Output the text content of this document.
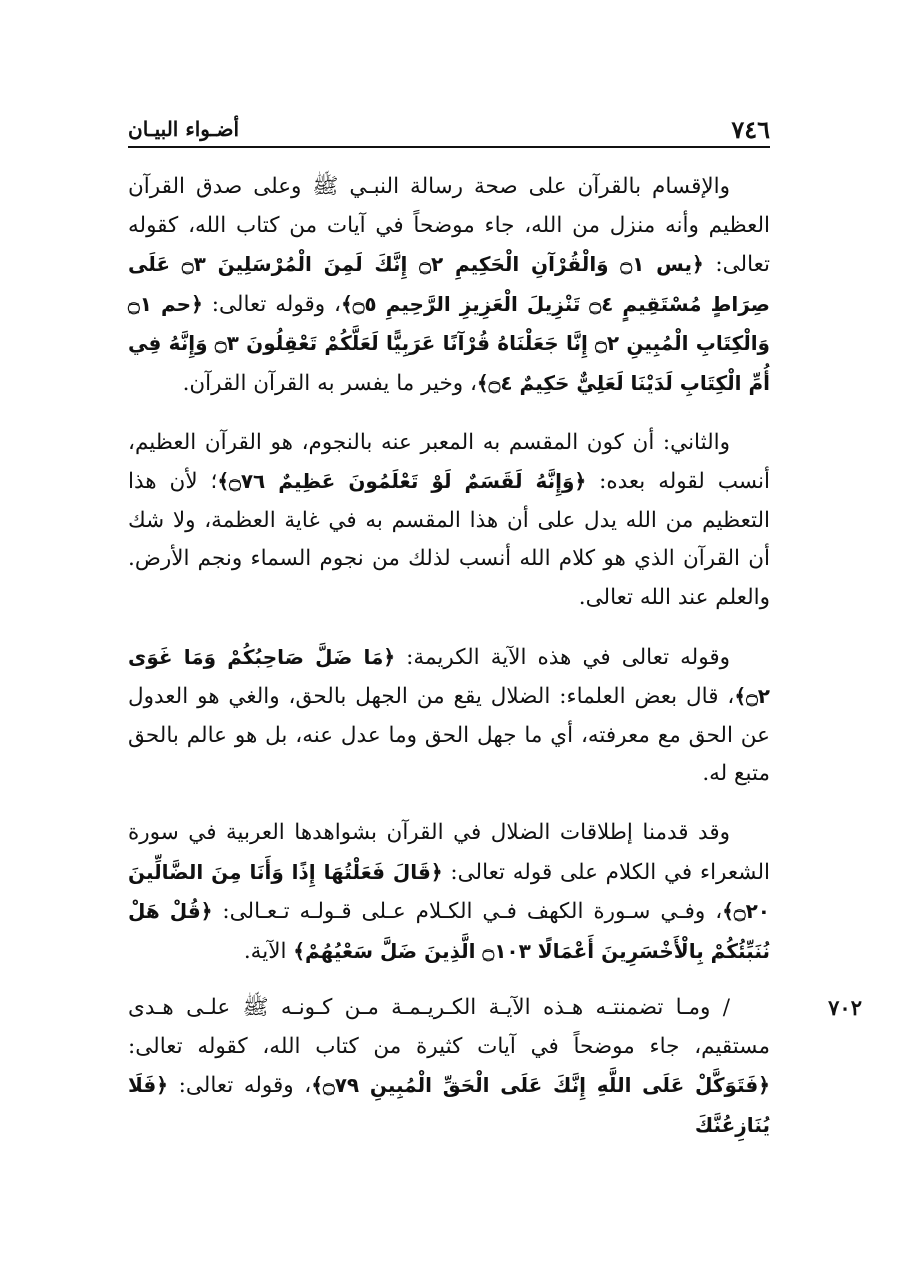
٧٤٦
أضـواء البيـان

والإقسام بالقرآن على صحة رسالة النبـي ﷺ وعلى صدق القرآن العظيم وأنه منزل من الله، جاء موضحاً في آيات من كتاب الله، كقوله تعالى: ﴿يس ۝١ وَالْقُرْآنِ الْحَكِيمِ ۝٢ إِنَّكَ لَمِنَ الْمُرْسَلِينَ ۝٣ عَلَى صِرَاطٍ مُسْتَقِيمٍ ۝٤ تَنْزِيلَ الْعَزِيزِ الرَّحِيمِ ۝٥﴾، وقوله تعالى: ﴿حم ۝١ وَالْكِتَابِ الْمُبِينِ ۝٢ إِنَّا جَعَلْنَاهُ قُرْآنًا عَرَبِيًّا لَعَلَّكُمْ تَعْقِلُونَ ۝٣ وَإِنَّهُ فِي أُمِّ الْكِتَابِ لَدَيْنَا لَعَلِيٌّ حَكِيمٌ ۝٤﴾، وخير ما يفسر به القرآن القرآن.

والثاني: أن كون المقسم به المعبر عنه بالنجوم، هو القرآن العظيم، أنسب لقوله بعده: ﴿وَإِنَّهُ لَقَسَمٌ لَوْ تَعْلَمُونَ عَظِيمٌ ۝٧٦﴾؛ لأن هذا التعظيم من الله يدل على أن هذا المقسم به في غاية العظمة، ولا شك أن القرآن الذي هو كلام الله أنسب لذلك من نجوم السماء ونجم الأرض. والعلم عند الله تعالى.

وقوله تعالى في هذه الآية الكريمة: ﴿مَا ضَلَّ صَاحِبُكُمْ وَمَا غَوَى ۝٢﴾، قال بعض العلماء: الضلال يقع من الجهل بالحق، والغي هو العدول عن الحق مع معرفته، أي ما جهل الحق وما عدل عنه، بل هو عالم بالحق متبع له.

وقد قدمنا إطلاقات الضلال في القرآن بشواهدها العربية في سورة الشعراء في الكلام على قوله تعالى: ﴿قَالَ فَعَلْتُهَا إِذًا وَأَنَا مِنَ الضَّالِّينَ ۝٢٠﴾، وفـي سـورة الكهف فـي الكـلام عـلى قـولـه تـعـالى: ﴿قُلْ هَلْ نُنَبِّئُكُمْ بِالْأَخْسَرِينَ أَعْمَالًا ۝١٠٣ الَّذِينَ ضَلَّ سَعْيُهُمْ﴾ الآية.

٧٠٢

/ ومـا تضمنتـه هـذه الآيـة الكـريـمـة مـن كـونـه ﷺ علـى هـدى مستقيم، جاء موضحاً في آيات كثيرة من كتاب الله، كقوله تعالى: ﴿فَتَوَكَّلْ عَلَى اللَّهِ إِنَّكَ عَلَى الْحَقِّ الْمُبِينِ ۝٧٩﴾، وقوله تعالى: ﴿فَلَا يُنَازِعُنَّكَ
